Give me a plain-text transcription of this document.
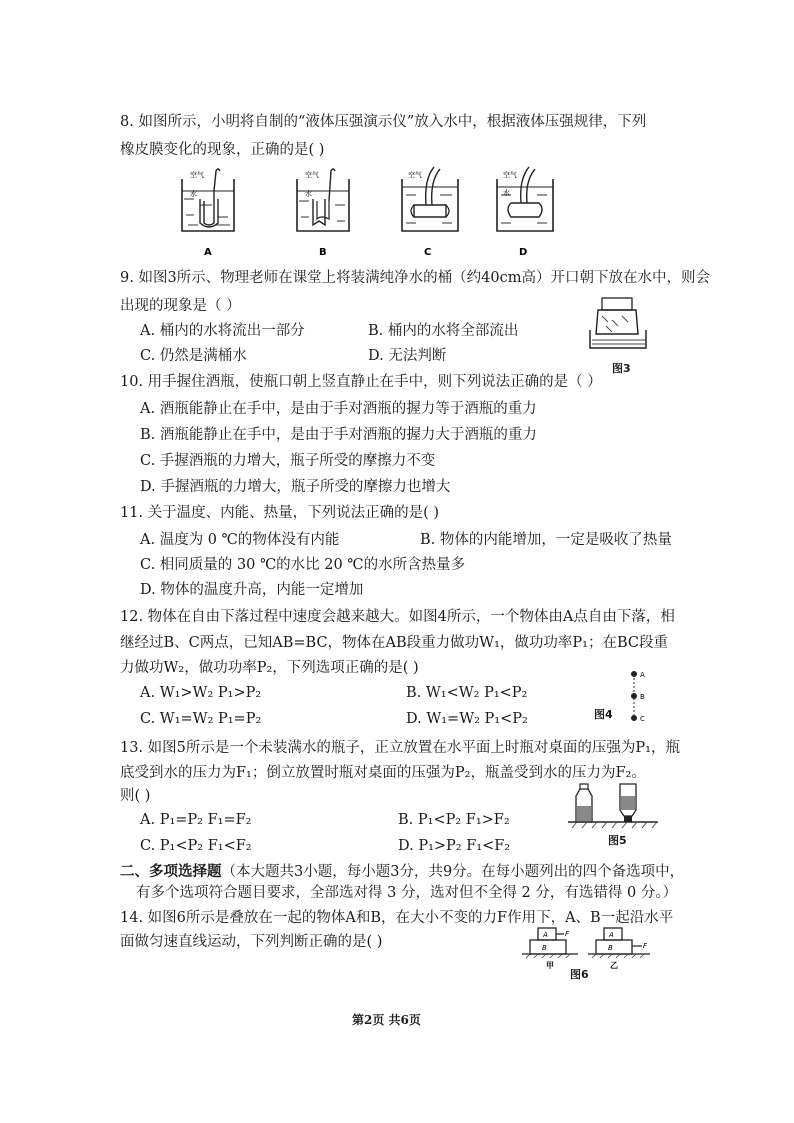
8. 如图所示，小明将自制的“液体压强演示仪”放入水中，根据液体压强规律，下列
橡皮膜变化的现象，正确的是( )
空气
水
A
空气
水
B
空气
C
空气
水
D
9. 如图3所示、物理老师在课堂上将装满纯净水的桶（约40cm高）开口朝下放在水中，则会
出现的现象是（ ）
A. 桶内的水将流出一部分	B. 桶内的水将全部流出
C. 仍然是满桶水	D. 无法判断
图3
10. 用手握住酒瓶，使瓶口朝上竖直静止在手中，则下列说法正确的是（ ）
A. 酒瓶能静止在手中，是由于手对酒瓶的握力等于酒瓶的重力
B. 酒瓶能静止在手中，是由于手对酒瓶的握力大于酒瓶的重力
C. 手握酒瓶的力增大，瓶子所受的摩擦力不变
D. 手握酒瓶的力增大，瓶子所受的摩擦力也增大
11. 关于温度、内能、热量，下列说法正确的是( )
A. 温度为 0 ℃的物体没有内能	B. 物体的内能增加，一定是吸收了热量
C. 相同质量的 30 ℃的水比 20 ℃的水所含热量多
D. 物体的温度升高，内能一定增加
12. 物体在自由下落过程中速度会越来越大。如图4所示，一个物体由A点自由下落，相
继经过B、C两点，已知AB=BC，物体在AB段重力做功W₁，做功功率P₁；在BC段重
力做功W₂，做功功率P₂，下列选项正确的是( )
A. W₁>W₂ P₁>P₂	B. W₁<W₂ P₁<P₂
C. W₁=W₂ P₁=P₂	D. W₁=W₂ P₁<P₂
A
B
C
图4
13. 如图5所示是一个未装满水的瓶子，正立放置在水平面上时瓶对桌面的压强为P₁，瓶
底受到水的压力为F₁；倒立放置时瓶对桌面的压强为P₂，瓶盖受到水的压力为F₂。
则( )
A. P₁=P₂ F₁=F₂	B. P₁<P₂ F₁>F₂
C. P₁<P₂ F₁<F₂	D. P₁>P₂ F₁<F₂	图5
二、多项选择题（本大题共3小题，每小题3分，共9分。在每小题列出的四个备选项中，
有多个选项符合题目要求，全部选对得 3 分，选对但不全得 2 分，有选错得 0 分。）
14. 如图6所示是叠放在一起的物体A和B，在大小不变的力F作用下，A、B一起沿水平
面做匀速直线运动，下列判断正确的是( )	A
B
F
甲
A
B	F
乙
图6
第2页 共6页
